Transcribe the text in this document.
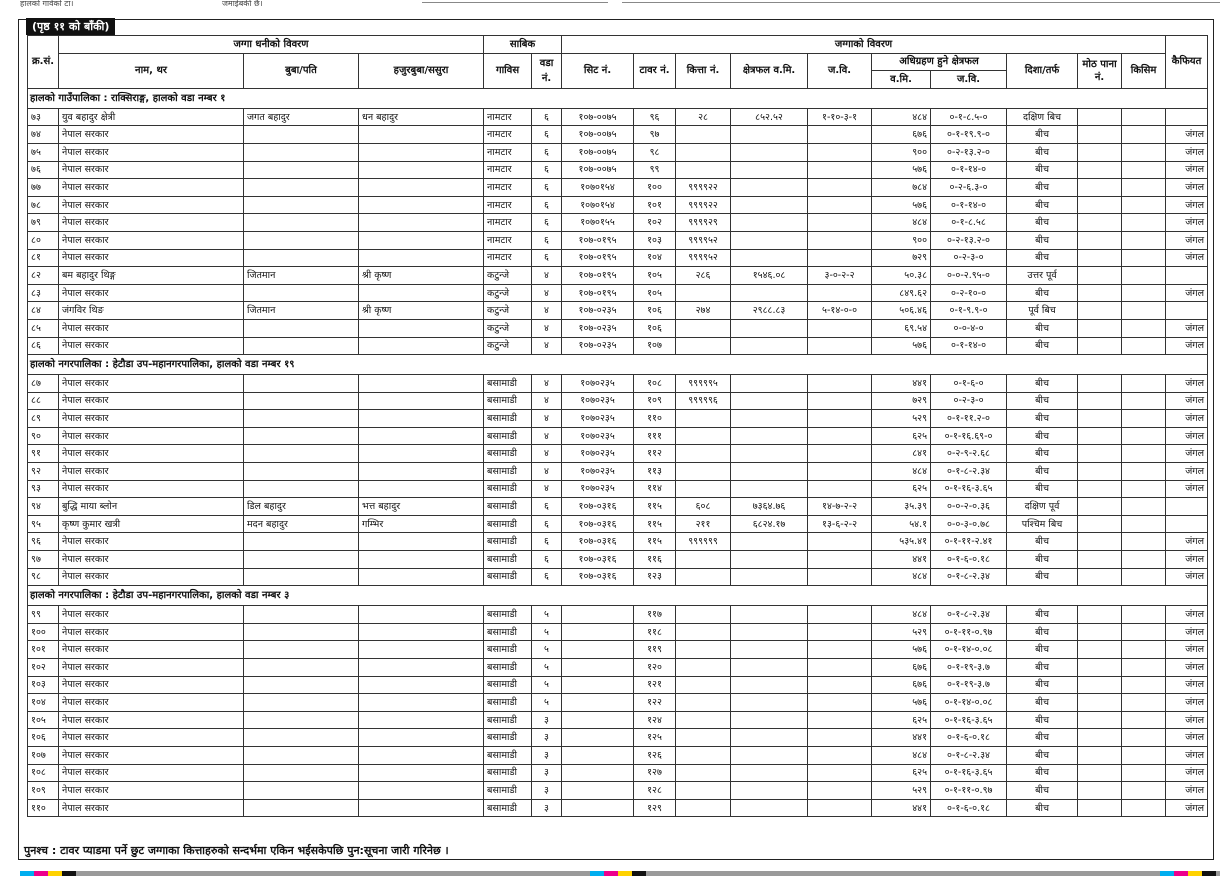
हालको गार्वको टा।	जमाईबकी छै।
(पृष्ठ ११ को बाँकी)
क्र.सं.	जग्गा धनीको विवरण			साबिक		जग्गाको विवरण										कैफियत
	नाम, थर	बुबा/पति	हजुरबुबा/ससुरा	गाविस	वडा नं.	सिट नं.	टावर नं.	कित्ता नं.	क्षेत्रफल व.मि.	ज.वि.	अधिग्रहण हुने क्षेत्रफल		दिशा/तर्फ	मोठ पाना नं.	किसिम	
											व.मि.	ज.वि.				
हालको गाउँपालिका : राक्सिराङ्ग, हालको वडा नम्बर १																
७३	युव बहादुर क्षेत्री	जगत बहादुर	धन बहादुर	नामटार	६	१०७-००७५	९६	२८	८५२.५२	१-१०-३-१	४८४	०-१-८.५-०	दक्षिण बिच			
७४	नेपाल सरकार			नामटार	६	१०७-००७५	९७				६७६	०-१-१९.९-०	बीच			जंगल
७५	नेपाल सरकार			नामटार	६	१०७-००७५	९८				९००	०-२-१३.२-०	बीच			जंगल
७६	नेपाल सरकार			नामटार	६	१०७-००७५	९९				५७६	०-१-१४-०	बीच			जंगल
७७	नेपाल सरकार			नामटार	६	१०७०१५४	१००	९९९९२२			७८४	०-२-६.३-०	बीच			जंगल
७८	नेपाल सरकार			नामटार	६	१०७०१५४	१०१	९९९९२२			५७६	०-१-१४-०	बीच			जंगल
७९	नेपाल सरकार			नामटार	६	१०७०१५५	१०२	९९९९२९			४८४	०-१-८.५८	बीच			जंगल
८०	नेपाल सरकार			नामटार	६	१०७-०१९५	१०३	९९९९५२			९००	०-२-१३.२-०	बीच			जंगल
८१	नेपाल सरकार			नामटार	६	१०७-०१९५	१०४	९९९९५२			७२९	०-२-३-०	बीच			जंगल
८२	बम बहादुर थिङ्ग	जितमान	श्री कृष्ण	कटुन्जे	४	१०७-०१९५	१०५	२८६	१५४६.०८	३-०-२-२	५०.३८	०-०-२.९५-०	उत्तर पूर्व			
८३	नेपाल सरकार			कटुन्जे	४	१०७-०१९५	१०५				८४९.६२	०-२-१०-०	बीच			जंगल
८४	जंगविर थिङ	जितमान	श्री कृष्ण	कटुन्जे	४	१०७-०२३५	१०६	२७४	२९८८.८३	५-१४-०-०	५०६.४६	०-१-९.९-०	पूर्व बिच			
८५	नेपाल सरकार			कटुन्जे	४	१०७-०२३५	१०६				६९.५४	०-०-४-०	बीच			जंगल
८६	नेपाल सरकार			कटुन्जे	४	१०७-०२३५	१०७				५७६	०-१-१४-०	बीच			जंगल
हालको नगरपालिका : हेटौडा उप-महानगरपालिका, हालको वडा नम्बर १९																
८७	नेपाल सरकार			बसामाडी	४	१०७०२३५	१०८	९९९९९५			४४१	०-१-६-०	बीच			जंगल
८८	नेपाल सरकार			बसामाडी	४	१०७०२३५	१०९	९९९९९६			७२९	०-२-३-०	बीच			जंगल
८९	नेपाल सरकार			बसामाडी	४	१०७०२३५	११०				५२९	०-१-११.२-०	बीच			जंगल
९०	नेपाल सरकार			बसामाडी	४	१०७०२३५	१११				६२५	०-१-१६.६९-०	बीच			जंगल
९१	नेपाल सरकार			बसामाडी	४	१०७०२३५	११२				८४१	०-२-९-२.६८	बीच			जंगल
९२	नेपाल सरकार			बसामाडी	४	१०७०२३५	११३				४८४	०-१-८-२.३४	बीच			जंगल
९३	नेपाल सरकार			बसामाडी	४	१०७०२३५	११४				६२५	०-१-१६-३.६५	बीच			जंगल
९४	बुद्धि माया ब्लोन	डिल बहादुर	भत्त बहादुर	बसामाडी	६	१०७-०३१६	११५	६०८	७३६४.७६	१४-७-२-२	३५.३९	०-०-२-०.३६	दक्षिण पूर्व			
९५	कृष्ण कुमार खत्री	मदन बहादुर	गम्भिर	बसामाडी	६	१०७-०३१६	११५	२११	६८२४.१७	१३-६-२-२	५४.१	०-०-३-०.७८	पश्चिम बिच			
९६	नेपाल सरकार			बसामाडी	६	१०७-०३१६	११५	९९९९९९			५३५.४१	०-१-११-२.४१	बीच			जंगल
९७	नेपाल सरकार			बसामाडी	६	१०७-०३१६	११६				४४१	०-१-६-०.१८	बीच			जंगल
९८	नेपाल सरकार			बसामाडी	६	१०७-०३१६	१२३				४८४	०-१-८-२.३४	बीच			जंगल
हालको नगरपालिका : हेटौडा उप-महानगरपालिका, हालको वडा नम्बर ३																
९९	नेपाल सरकार			बसामाडी	५		११७				४८४	०-१-८-२.३४	बीच			जंगल
१००	नेपाल सरकार			बसामाडी	५		११८				५२९	०-१-११-०.९७	बीच			जंगल
१०१	नेपाल सरकार			बसामाडी	५		११९				५७६	०-१-१४-०.०८	बीच			जंगल
१०२	नेपाल सरकार			बसामाडी	५		१२०				६७६	०-१-१९-३.७	बीच			जंगल
१०३	नेपाल सरकार			बसामाडी	५		१२१				६७६	०-१-१९-३.७	बीच			जंगल
१०४	नेपाल सरकार			बसामाडी	५		१२२				५७६	०-१-१४-०.०८	बीच			जंगल
१०५	नेपाल सरकार			बसामाडी	३		१२४				६२५	०-१-१६-३.६५	बीच			जंगल
१०६	नेपाल सरकार			बसामाडी	३		१२५				४४१	०-१-६-०.१८	बीच			जंगल
१०७	नेपाल सरकार			बसामाडी	३		१२६				४८४	०-१-८-२.३४	बीच			जंगल
१०८	नेपाल सरकार			बसामाडी	३		१२७				६२५	०-१-१६-३.६५	बीच			जंगल
१०९	नेपाल सरकार			बसामाडी	३		१२८				५२९	०-१-११-०.९७	बीच			जंगल
११०	नेपाल सरकार			बसामाडी	३		१२९				४४१	०-१-६-०.१८	बीच			जंगल
पुनश्च : टावर प्याडमा पर्ने छुट जग्गाका कित्ताहरुको सन्दर्भमा एकिन भईसकेपछि पुन:सूचना जारी गरिनेछ ।
